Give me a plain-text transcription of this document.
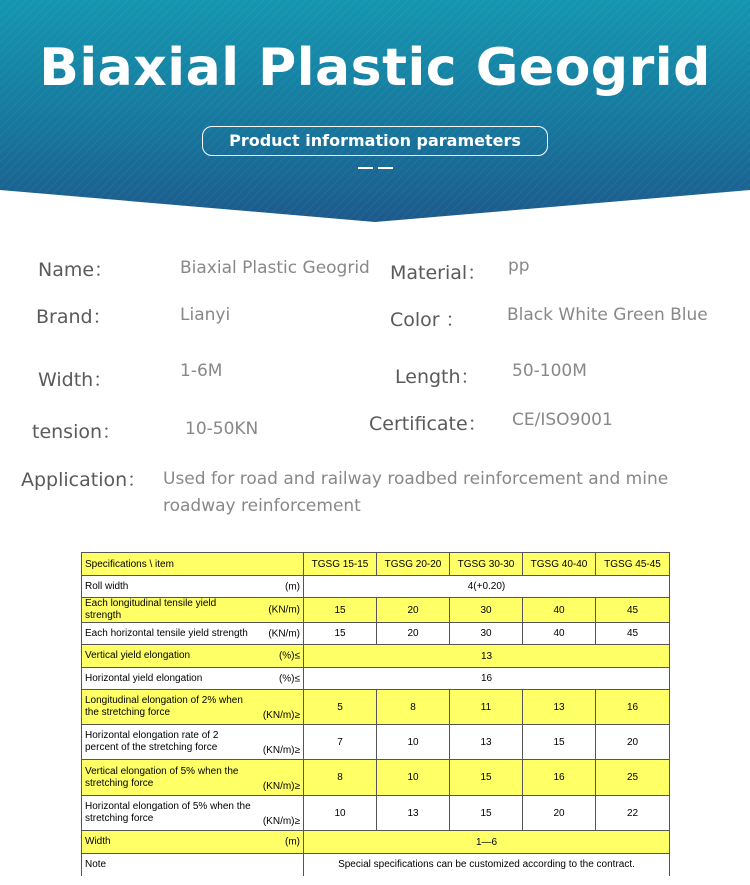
Biaxial Plastic Geogrid
Product information parameters
Name：	Biaxial Plastic Geogrid Material： pp
Brand：	Lianyi	Color ： Black White Green Blue
Width：	1-6M	Length： 50-100M
tension：	10-50KN	Certificate： CE/ISO9001
Application： Used for road and railway roadbed reinforcement and mine roadway reinforcement
Specifications \ item	TGSG 15-15	TGSG 20-20	TGSG 30-30	TGSG 40-40	TGSG 45-45

Roll width (m)	4(+0.20)				

Each longitudinal tensile yield strength (KN/m)	15	20	30	40	45

Each horizontal tensile yield strength (KN/m)	15	20	30	40	45

Vertical yield elongation (%)≤	13				

Horizontal yield elongation (%)≤	16				

Longitudinal elongation of 2% when the stretching force (KN/m)≥	5	8	11	13	16

Horizontal elongation rate of 2 percent of the stretching force (KN/m)≥	7	10	13	15	20

Vertical elongation of 5% when the stretching force (KN/m)≥	8	10	15	16	25

Horizontal elongation of 5% when the stretching force (KN/m)≥	10	13	15	20	22

Width (m)	1—6				

Note	Special specifications can be customized according to the contract.				
